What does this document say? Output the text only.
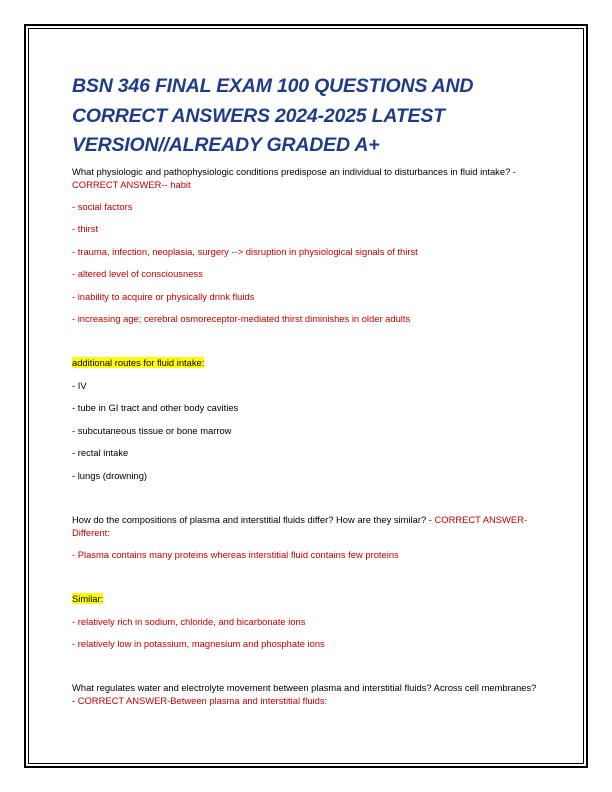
BSN 346 FINAL EXAM 100 QUESTIONS AND CORRECT ANSWERS 2024-2025 LATEST VERSION//ALREADY GRADED A+

What physiologic and pathophysiologic conditions predispose an individual to disturbances in fluid intake? - CORRECT ANSWER-- habit

- social factors

- thirst

- trauma, infection, neoplasia, surgery --> disruption in physiological signals of thirst

- altered level of consciousness

- inability to acquire or physically drink fluids

- increasing age; cerebral osmoreceptor-mediated thirst diminishes in older adults

additional routes for fluid intake:

- IV

- tube in GI tract and other body cavities

- subcutaneous tissue or bone marrow

- rectal intake

- lungs (drowning)

How do the compositions of plasma and interstitial fluids differ? How are they similar? - CORRECT ANSWER-Different:

- Plasma contains many proteins whereas interstitial fluid contains few proteins

Similar:

- relatively rich in sodium, chloride, and bicarbonate ions

- relatively low in potassium, magnesium and phosphate ions

What regulates water and electrolyte movement between plasma and interstitial fluids? Across cell membranes? - CORRECT ANSWER-Between plasma and interstitial fluids:
